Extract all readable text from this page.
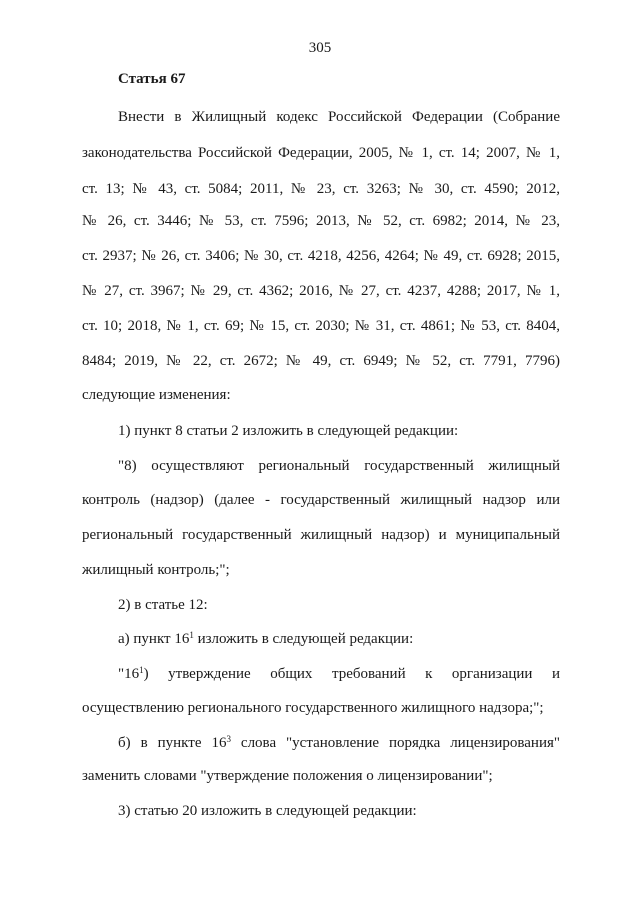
305
Статья 67
Внести в Жилищный кодекс Российской Федерации (Собрание
законодательства Российской Федерации, 2005, № 1, ст. 14; 2007, № 1,
ст. 13; № 43, ст. 5084; 2011, № 23, ст. 3263; № 30, ст. 4590; 2012,
№ 26, ст. 3446; № 53, ст. 7596; 2013, № 52, ст. 6982; 2014, № 23,
ст. 2937; № 26, ст. 3406; № 30, ст. 4218, 4256, 4264; № 49, ст. 6928; 2015,
№ 27, ст. 3967; № 29, ст. 4362; 2016, № 27, ст. 4237, 4288; 2017, № 1,
ст. 10; 2018, № 1, ст. 69; № 15, ст. 2030; № 31, ст. 4861; № 53, ст. 8404,
8484; 2019, № 22, ст. 2672; № 49, ст. 6949; № 52, ст. 7791, 7796)
следующие изменения:
1) пункт 8 статьи 2 изложить в следующей редакции:
"8) осуществляют региональный государственный жилищный
контроль (надзор) (далее - государственный жилищный надзор или
региональный государственный жилищный надзор) и муниципальный
жилищный контроль;";
2) в статье 12:
а) пункт $16^1$ изложить в следующей редакции:
"$16^1$) утверждение общих требований к организации и
осуществлению регионального государственного жилищного надзора;";
б) в пункте $16^3$ слова "установление порядка лицензирования"
заменить словами "утверждение положения о лицензировании";
3) статью 20 изложить в следующей редакции:
